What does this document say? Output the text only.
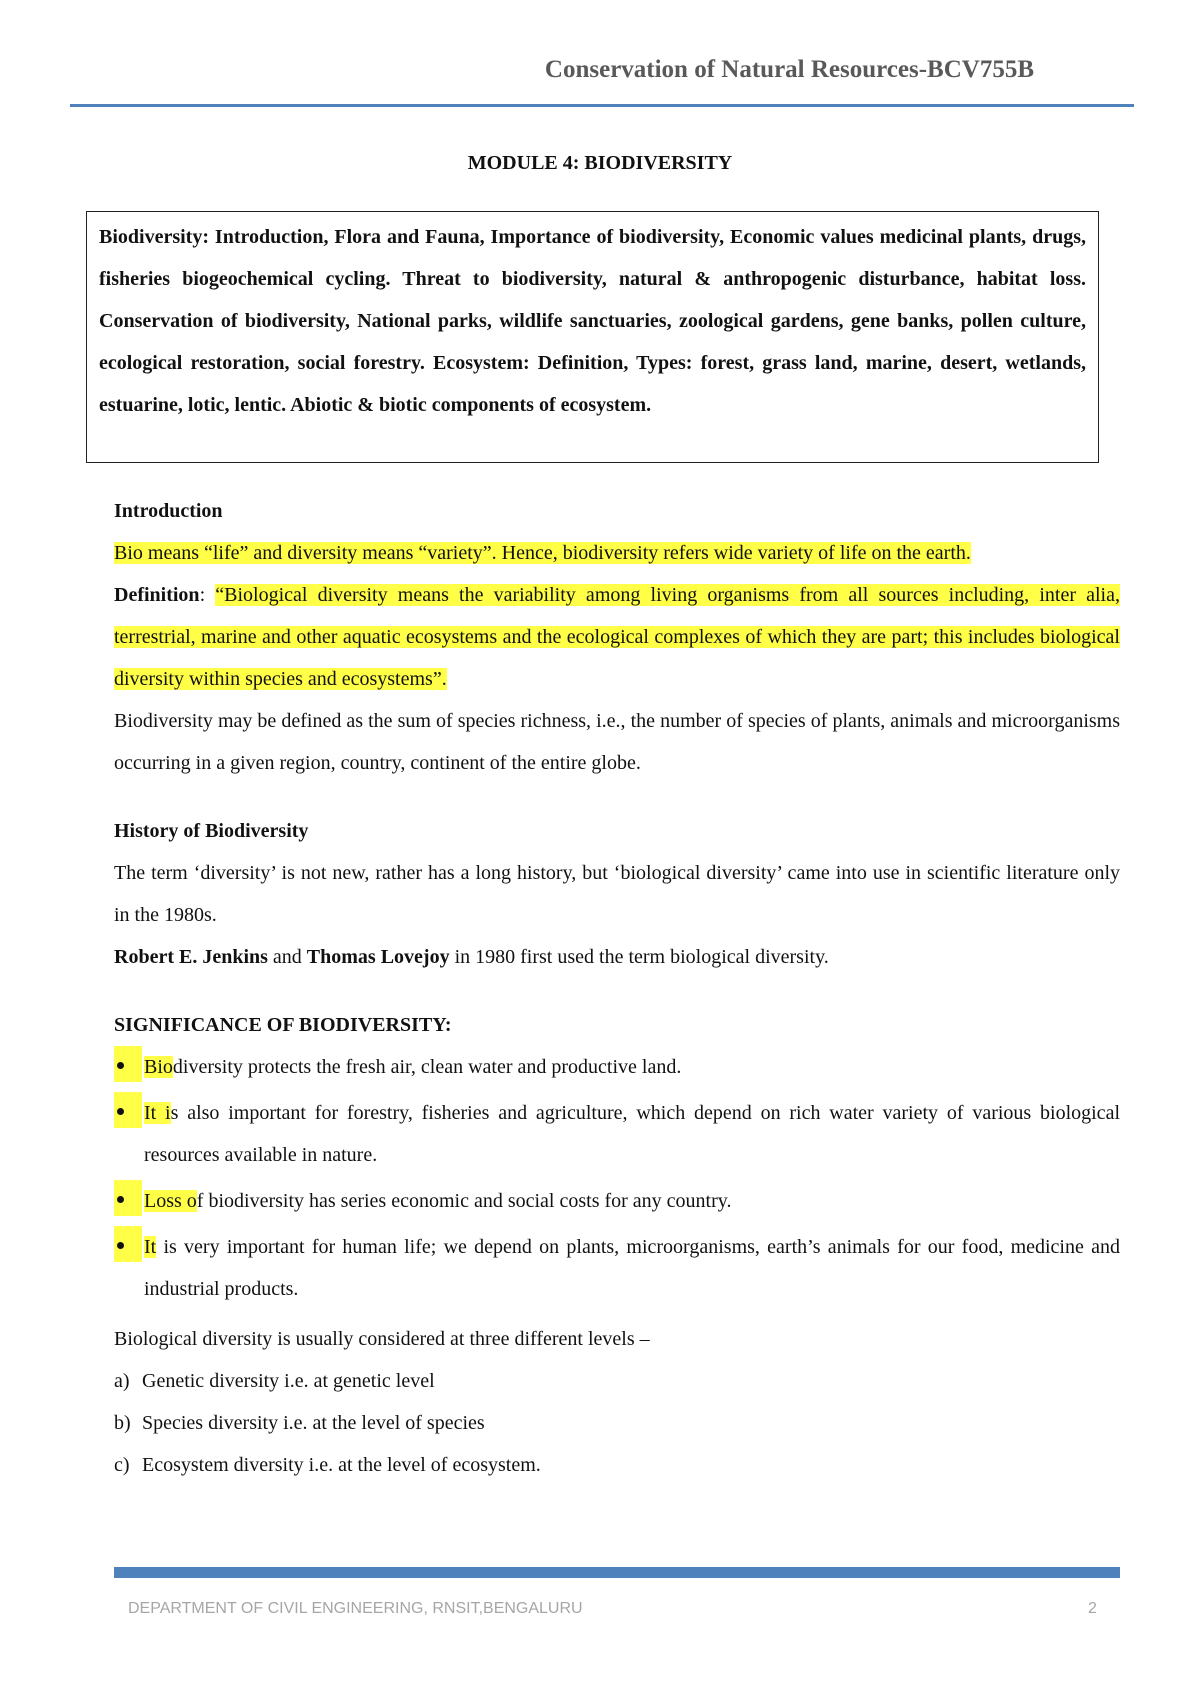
Conservation of Natural Resources-BCV755B
MODULE 4: BIODIVERSITY
Biodiversity: Introduction, Flora and Fauna, Importance of biodiversity, Economic values medicinal plants, drugs, fisheries biogeochemical cycling. Threat to biodiversity, natural & anthropogenic disturbance, habitat loss. Conservation of biodiversity, National parks, wildlife sanctuaries, zoological gardens, gene banks, pollen culture, ecological restoration, social forestry. Ecosystem: Definition, Types: forest, grass land, marine, desert, wetlands, estuarine, lotic, lentic. Abiotic & biotic components of ecosystem.

Introduction

Bio means “life” and diversity means “variety”. Hence, biodiversity refers wide variety of life on the earth.

Definition: “Biological diversity means the variability among living organisms from all sources including, inter alia, terrestrial, marine and other aquatic ecosystems and the ecological complexes of which they are part; this includes biological diversity within species and ecosystems”.

Biodiversity may be defined as the sum of species richness, i.e., the number of species of plants, animals and microorganisms occurring in a given region, country, continent of the entire globe.

History of Biodiversity

The term ‘diversity’ is not new, rather has a long history, but ‘biological diversity’ came into use in scientific literature only in the 1980s.

Robert E. Jenkins and Thomas Lovejoy in 1980 first used the term biological diversity.

SIGNIFICANCE OF BIODIVERSITY:

Biodiversity protects the fresh air, clean water and productive land.
It is also important for forestry, fisheries and agriculture, which depend on rich water variety of various biological resources available in nature.
Loss of biodiversity has series economic and social costs for any country.
It is very important for human life; we depend on plants, microorganisms, earth’s animals for our food, medicine and industrial products.

Biological diversity is usually considered at three different levels –

a) Genetic diversity i.e. at genetic level
b) Species diversity i.e. at the level of species
c) Ecosystem diversity i.e. at the level of ecosystem.
DEPARTMENT OF CIVIL ENGINEERING, RNSIT,BENGALURU	2
